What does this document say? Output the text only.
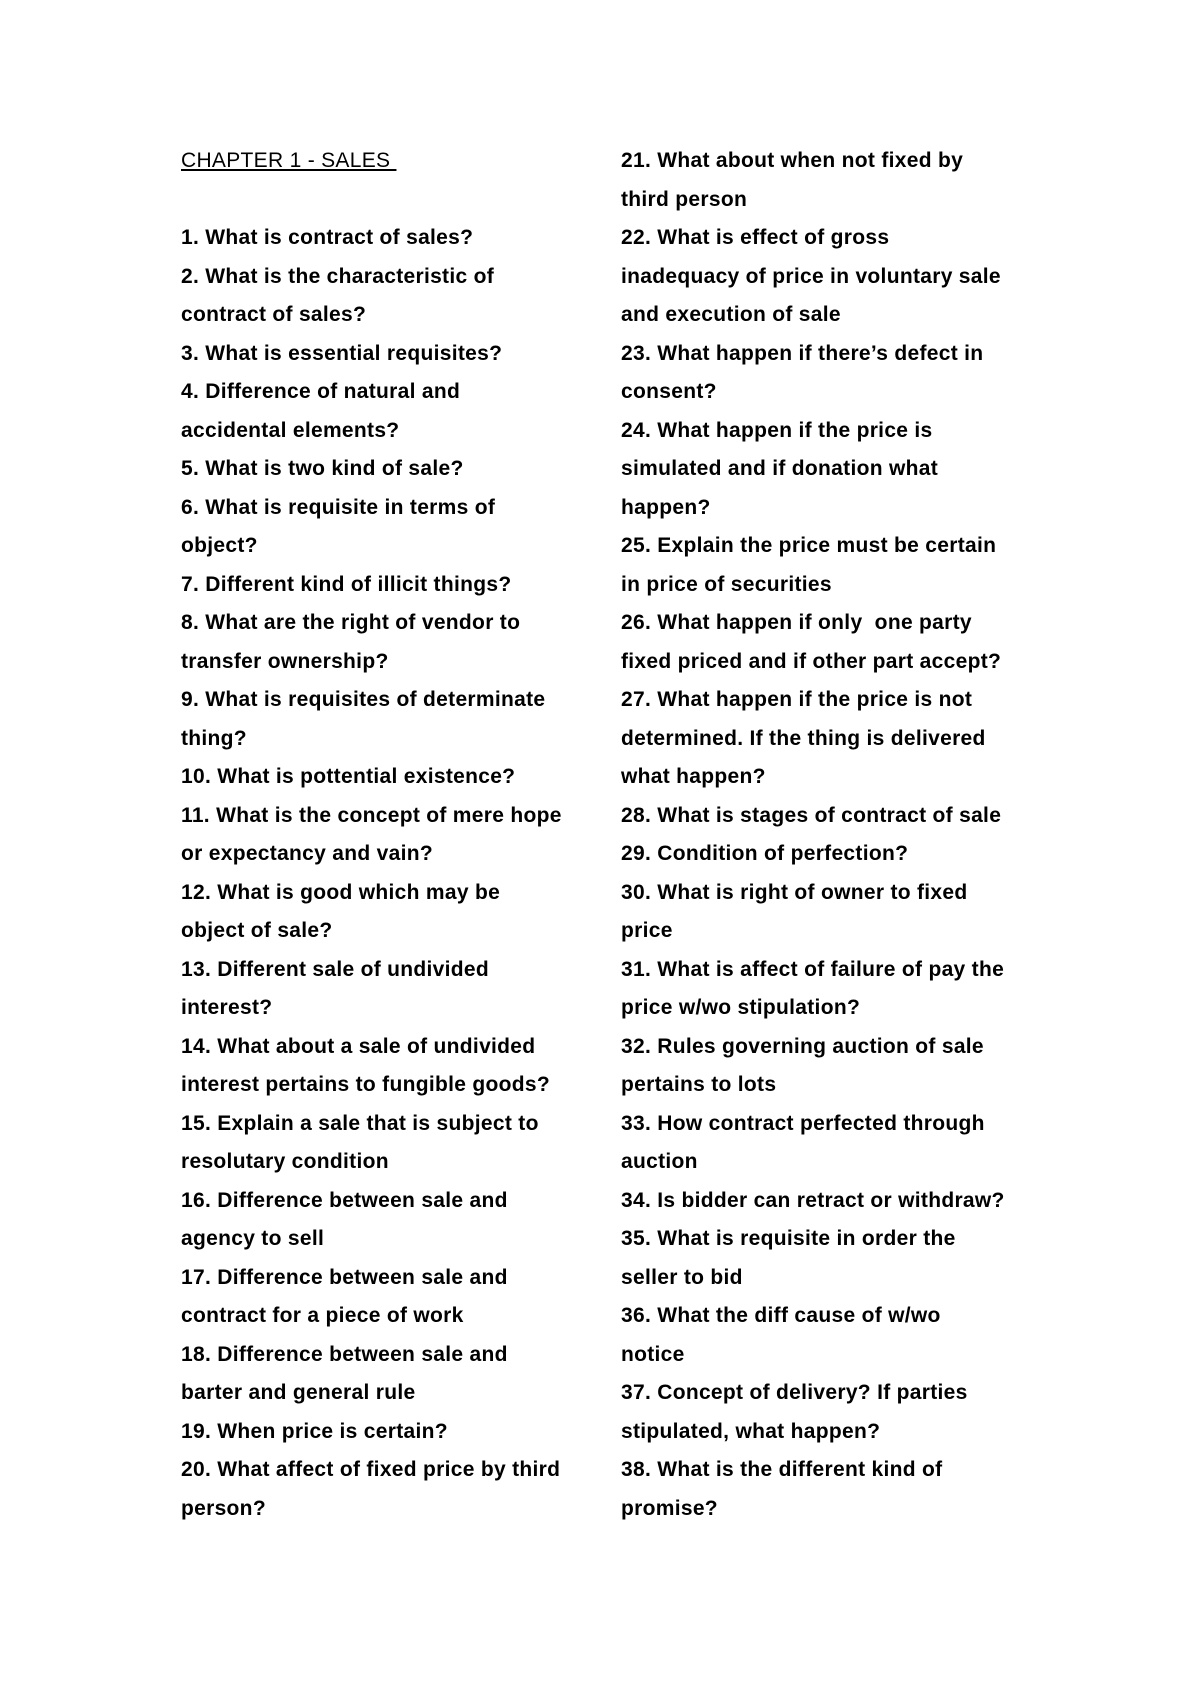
CHAPTER 1 - SALES
1. What is contract of sales?
2. What is the characteristic of
contract of sales?
3. What is essential requisites?
4. Difference of natural and
accidental elements?
5. What is two kind of sale?
6. What is requisite in terms of
object?
7. Different kind of illicit things?
8. What are the right of vendor to
transfer ownership?
9. What is requisites of determinate
thing?
10. What is pottential existence?
11. What is the concept of mere hope
or expectancy and vain?
12. What is good which may be
object of sale?
13. Different sale of undivided
interest?
14. What about a sale of undivided
interest pertains to fungible goods?
15. Explain a sale that is subject to
resolutary condition
16. Difference between sale and
agency to sell
17. Difference between sale and
contract for a piece of work
18. Difference between sale and
barter and general rule
19. When price is certain?
20. What affect of fixed price by third
person?
21. What about when not fixed by
third person
22. What is effect of gross
inadequacy of price in voluntary sale
and execution of sale
23. What happen if there’s defect in
consent?
24. What happen if the price is
simulated and if donation what
happen?
25. Explain the price must be certain
in price of securities
26. What happen if only  one party
fixed priced and if other part accept?
27. What happen if the price is not
determined. If the thing is delivered
what happen?
28. What is stages of contract of sale
29. Condition of perfection?
30. What is right of owner to fixed
price
31. What is affect of failure of pay the
price w/wo stipulation?
32. Rules governing auction of sale
pertains to lots
33. How contract perfected through
auction
34. Is bidder can retract or withdraw?
35. What is requisite in order the
seller to bid
36. What the diff cause of w/wo
notice
37. Concept of delivery? If parties
stipulated, what happen?
38. What is the different kind of
promise?
